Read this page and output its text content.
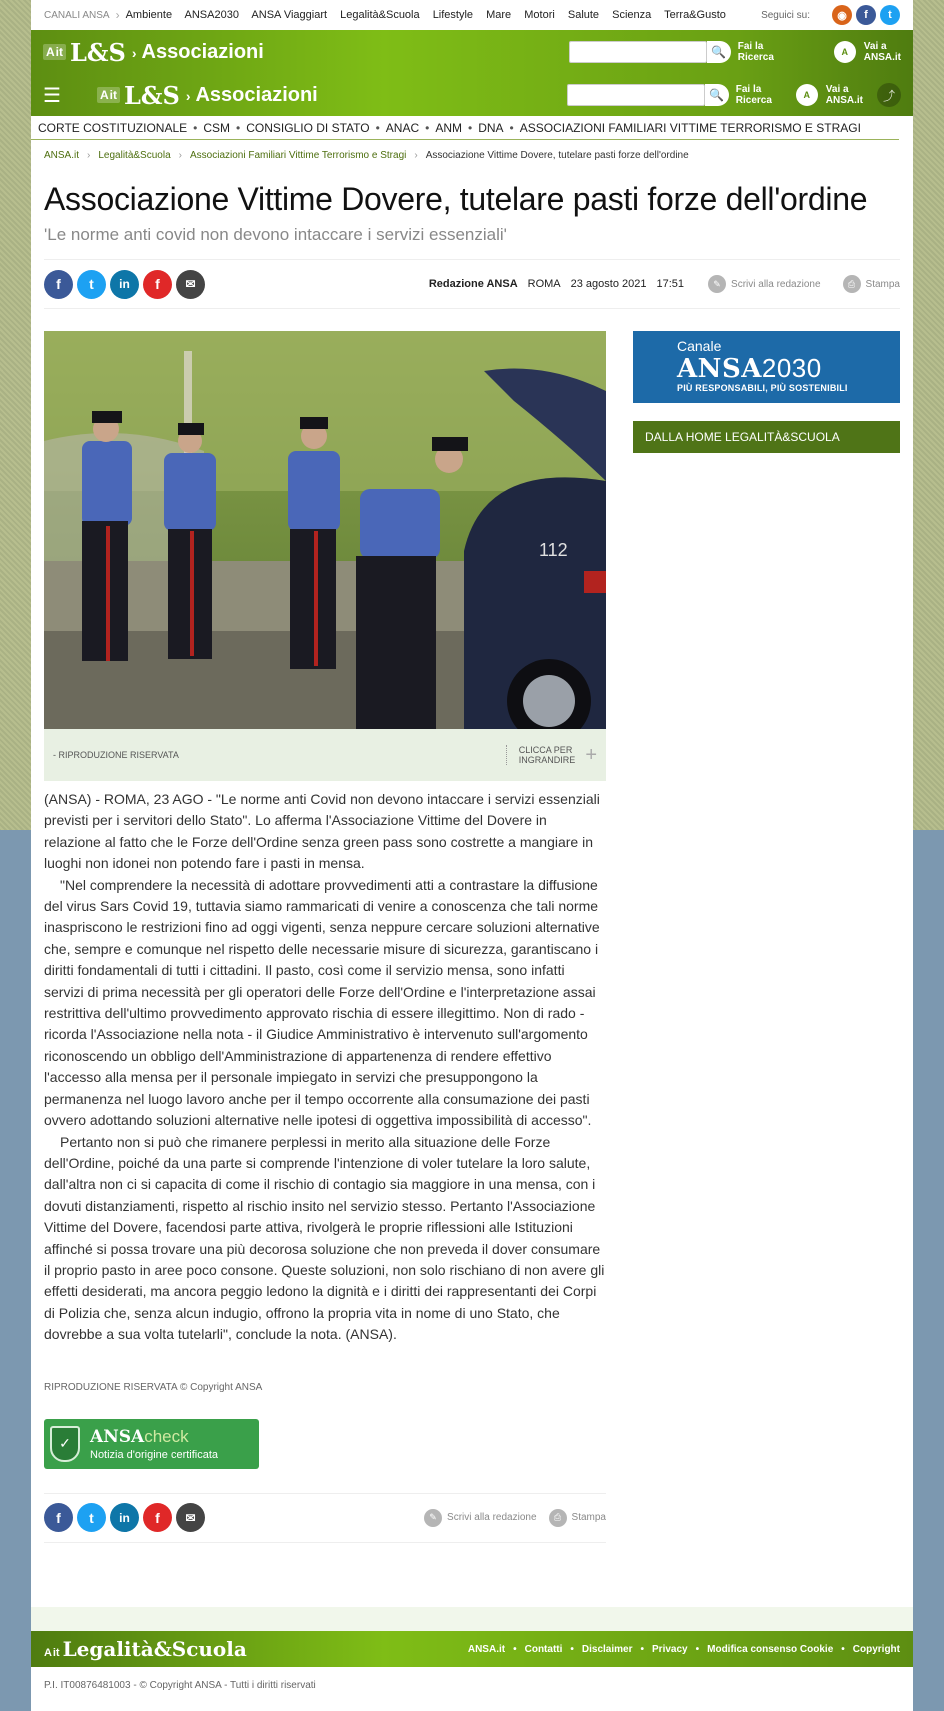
CANALI ANSA › Ambiente ANSA2030 ANSA Viaggiart Legalità&Scuola Lifestyle Mare Motori Salute Scienza Terra&Gusto	Seguici su:	◉	f	t
A it L&S › Associazioni	🔍	Fai la
Ricerca
A	Vai a
ANSA.it
☰	A it L&S › Associazioni	🔍	Fai la
Ricerca
A	Vai a
ANSA.it	⤴
CORTE COSTITUZIONALE • CSM • CONSIGLIO DI STATO • ANAC • ANM • DNA • ASSOCIAZIONI FAMILIARI VITTIME TERRORISMO E STRAGI
ANSA.it › Legalità&Scuola › Associazioni Familiari Vittime Terrorismo e Stragi › Associazione Vittime Dovere, tutelare pasti forze dell'ordine
Associazione Vittime Dovere, tutelare pasti forze dell'ordine
'Le norme anti covid non devono intaccare i servizi essenziali'
f	t	in	f	✉	Redazione ANSA ROMA 23 agosto 2021 17:51	✎	Scrivi alla redazione	⎙	Stampa
112
- RIPRODUZIONE RISERVATA	CLICCA PER
INGRANDIRE +

(ANSA) - ROMA, 23 AGO - "Le norme anti Covid non devono intaccare i servizi essenziali previsti per i servitori dello Stato". Lo afferma l'Associazione Vittime del Dovere in relazione al fatto che le Forze dell'Ordine senza green pass sono costrette a mangiare in luoghi non idonei non potendo fare i pasti in mensa.

"Nel comprendere la necessità di adottare provvedimenti atti a contrastare la diffusione del virus Sars Covid 19, tuttavia siamo rammaricati di venire a conoscenza che tali norme inaspriscono le restrizioni fino ad oggi vigenti, senza neppure cercare soluzioni alternative che, sempre e comunque nel rispetto delle necessarie misure di sicurezza, garantiscano i diritti fondamentali di tutti i cittadini. Il pasto, così come il servizio mensa, sono infatti servizi di prima necessità per gli operatori delle Forze dell'Ordine e l'interpretazione assai restrittiva dell'ultimo provvedimento approvato rischia di essere illegittimo. Non di rado - ricorda l'Associazione nella nota - il Giudice Amministrativo è intervenuto sull'argomento riconoscendo un obbligo dell'Amministrazione di appartenenza di rendere effettivo l'accesso alla mensa per il personale impiegato in servizi che presuppongono la permanenza nel luogo lavoro anche per il tempo occorrente alla consumazione dei pasti ovvero adottando soluzioni alternative nelle ipotesi di oggettiva impossibilità di accesso".

Pertanto non si può che rimanere perplessi in merito alla situazione delle Forze dell'Ordine, poiché da una parte si comprende l'intenzione di voler tutelare la loro salute, dall'altra non ci si capacita di come il rischio di contagio sia maggiore in una mensa, con i dovuti distanziamenti, rispetto al rischio insito nel servizio stesso. Pertanto l'Associazione Vittime del Dovere, facendosi parte attiva, rivolgerà le proprie riflessioni alle Istituzioni affinché si possa trovare una più decorosa soluzione che non preveda il dover consumare il proprio pasto in aree poco consone. Queste soluzioni, non solo rischiano di non avere gli effetti desiderati, ma ancora peggio ledono la dignità e i diritti dei rappresentanti dei Corpi di Polizia che, senza alcun indugio, offrono la propria vita in nome di uno Stato, che dovrebbe a sua volta tutelarli", conclude la nota. (ANSA).

RIPRODUZIONE RISERVATA © Copyright ANSA
✓	ANSAcheck
Notizia d'origine certificata
f	t	in	f	✉	✎	Scrivi alla redazione	⎙	Stampa
Canale
ANSA2030
PIÙ RESPONSABILI, PIÙ SOSTENIBILI
DALLA HOME LEGALITÀ&SCUOLA
A it Legalità&Scuola	ANSA.it • Contatti • Disclaimer • Privacy • Modifica consenso Cookie • Copyright
P.I. IT00876481003 - © Copyright ANSA - Tutti i diritti riservati
